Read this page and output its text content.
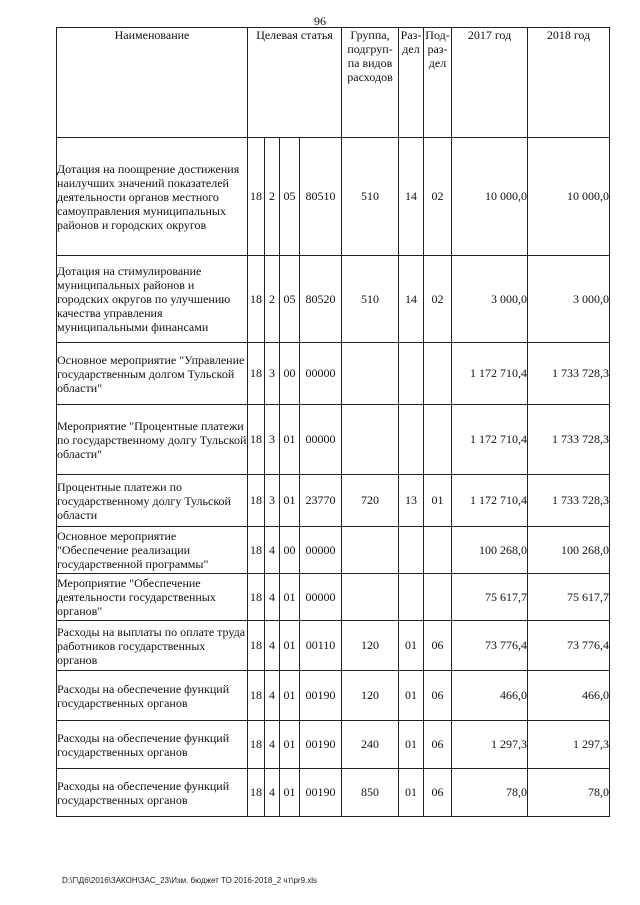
96
Наименование	Целевая статья				Группа, подгруп- па видов расходов	Раз- дел	Под- раз- дел	2017 год	2018 год
Дотация на поощрение достижения наилучших значений показателей деятельности органов местного самоуправления муниципальных районов и городских округов	18	2	05	80510	510	14	02	10 000,0	10 000,0
Дотация на стимулирование муниципальных районов и городских округов по улучшению качества управления муниципальными финансами	18	2	05	80520	510	14	02	3 000,0	3 000,0
Основное мероприятие "Управление государственным долгом Тульской области"	18	3	00	00000				1 172 710,4	1 733 728,3
Мероприятие "Процентные платежи по государственному долгу Тульской области"	18	3	01	00000				1 172 710,4	1 733 728,3
Процентные платежи по государственному долгу Тульской области	18	3	01	23770	720	13	01	1 172 710,4	1 733 728,3
Основное мероприятие "Обеспечение реализации государственной программы"	18	4	00	00000				100 268,0	100 268,0
Мероприятие "Обеспечение деятельности государственных органов"	18	4	01	00000				75 617,7	75 617,7
Расходы на выплаты по оплате труда работников государственных органов	18	4	01	00110	120	01	06	73 776,4	73 776,4
Расходы на обеспечение функций государственных органов	18	4	01	00190	120	01	06	466,0	466,0
Расходы на обеспечение функций государственных органов	18	4	01	00190	240	01	06	1 297,3	1 297,3
Расходы на обеспечение функций государственных органов	18	4	01	00190	850	01	06	78,0	78,0
D:\Г\Д6\2016\ЗАКОН\ЗАС_23\Изм. бюджет ТО 2016-2018_2 чт\pr9.xls
